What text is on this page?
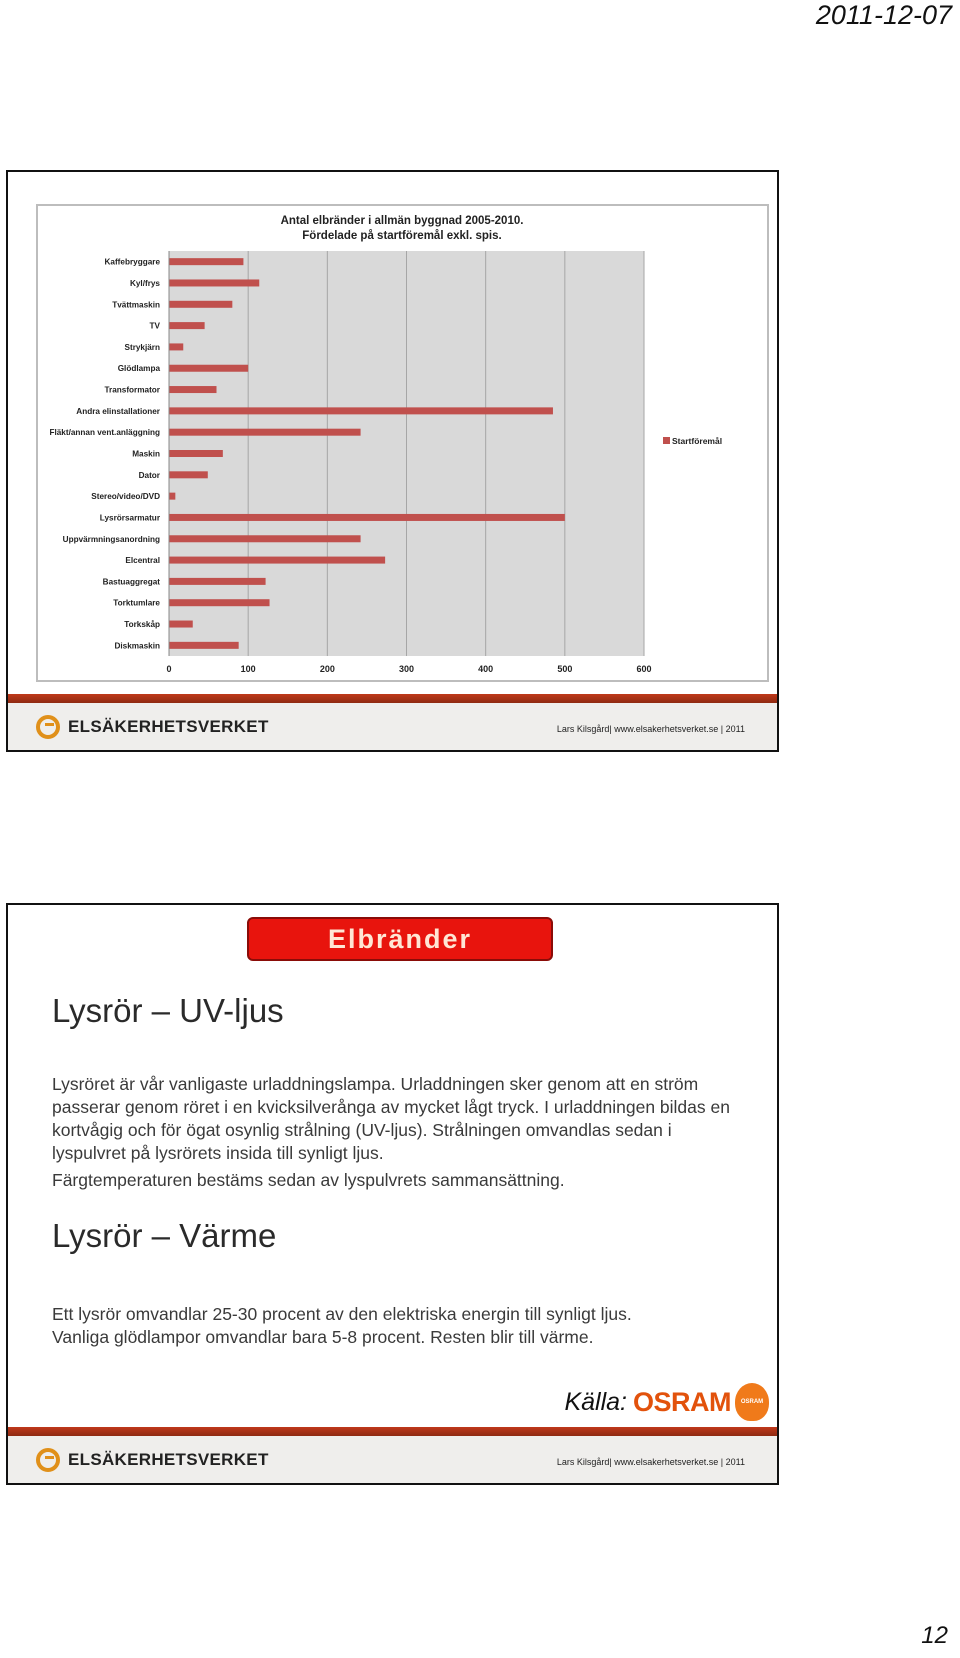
2011-12-07
Antal elbränder i allmän byggnad 2005-2010.
Fördelade på startföremål exkl. spis.
0	100	200	300	400	500	600
Kaffebryggare
Kyl/frys
Tvättmaskin
TV
Strykjärn
Glödlampa
Transformator
Andra elinstallationer
Fläkt/annan vent.anläggning
Maskin
Dator
Stereo/video/DVD
Lysrörsarmatur
Uppvärmningsanordning
Elcentral
Bastuaggregat
Torktumlare
Torkskåp
Diskmaskin
Startföremål
ELSÄKERHETSVERKET	Lars Kilsgård| www.elsakerhetsverket.se | 2011
Elbränder
Lysrör – UV-ljus
Lysröret är vår vanligaste urladdningslampa. Urladdningen sker genom att en ström passerar genom röret i en kvicksilverånga av mycket lågt tryck. I urladdningen bildas en kortvågig och för ögat osynlig strålning (UV-ljus). Strålningen omvandlas sedan i lyspulvret på lysrörets insida till synligt ljus.
Färgtemperaturen bestäms sedan av lyspulvrets sammansättning.
Lysrör – Värme
Ett lysrör omvandlar 25-30 procent av den elektriska energin till synligt ljus. Vanliga glödlampor omvandlar bara 5-8 procent. Resten blir till värme.
Källa: OSRAM OSRAM
ELSÄKERHETSVERKET	Lars Kilsgård| www.elsakerhetsverket.se | 2011
12
